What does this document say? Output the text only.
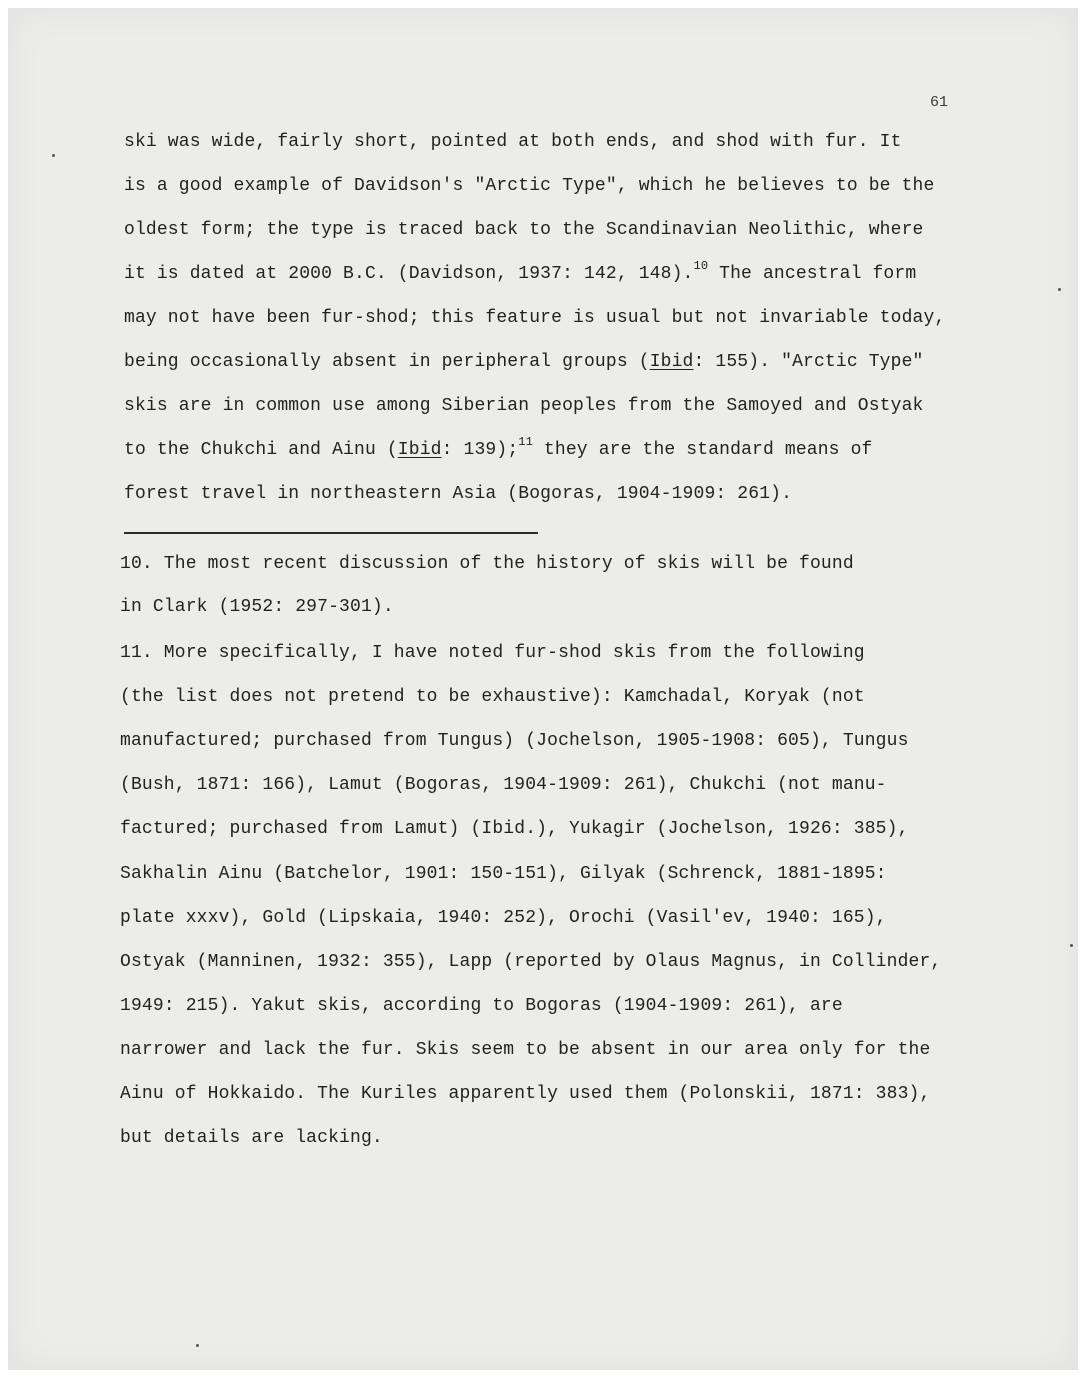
61
ski was wide, fairly short, pointed at both ends, and shod with fur. It
is a good example of Davidson's "Arctic Type", which he believes to be the
oldest form; the type is traced back to the Scandinavian Neolithic, where
it is dated at 2000 B.C. (Davidson, 1937: 142, 148).$^{10}$ The ancestral form
may not have been fur-shod; this feature is usual but not invariable today,
being occasionally absent in peripheral groups (Ibid: 155). "Arctic Type"
skis are in common use among Siberian peoples from the Samoyed and Ostyak
to the Chukchi and Ainu (Ibid: 139);$^{11}$ they are the standard means of
forest travel in northeastern Asia (Bogoras, 1904-1909: 261).
10. The most recent discussion of the history of skis will be found
in Clark (1952: 297-301).
11. More specifically, I have noted fur-shod skis from the following
(the list does not pretend to be exhaustive): Kamchadal, Koryak (not
manufactured; purchased from Tungus) (Jochelson, 1905-1908: 605), Tungus
(Bush, 1871: 166), Lamut (Bogoras, 1904-1909: 261), Chukchi (not manu-
factured; purchased from Lamut) (Ibid.), Yukagir (Jochelson, 1926: 385),
Sakhalin Ainu (Batchelor, 1901: 150-151), Gilyak (Schrenck, 1881-1895:
plate xxxv), Gold (Lipskaia, 1940: 252), Orochi (Vasil'ev, 1940: 165),
Ostyak (Manninen, 1932: 355), Lapp (reported by Olaus Magnus, in Collinder,
1949: 215). Yakut skis, according to Bogoras (1904-1909: 261), are
narrower and lack the fur. Skis seem to be absent in our area only for the
Ainu of Hokkaido. The Kuriles apparently used them (Polonskii, 1871: 383),
but details are lacking.
